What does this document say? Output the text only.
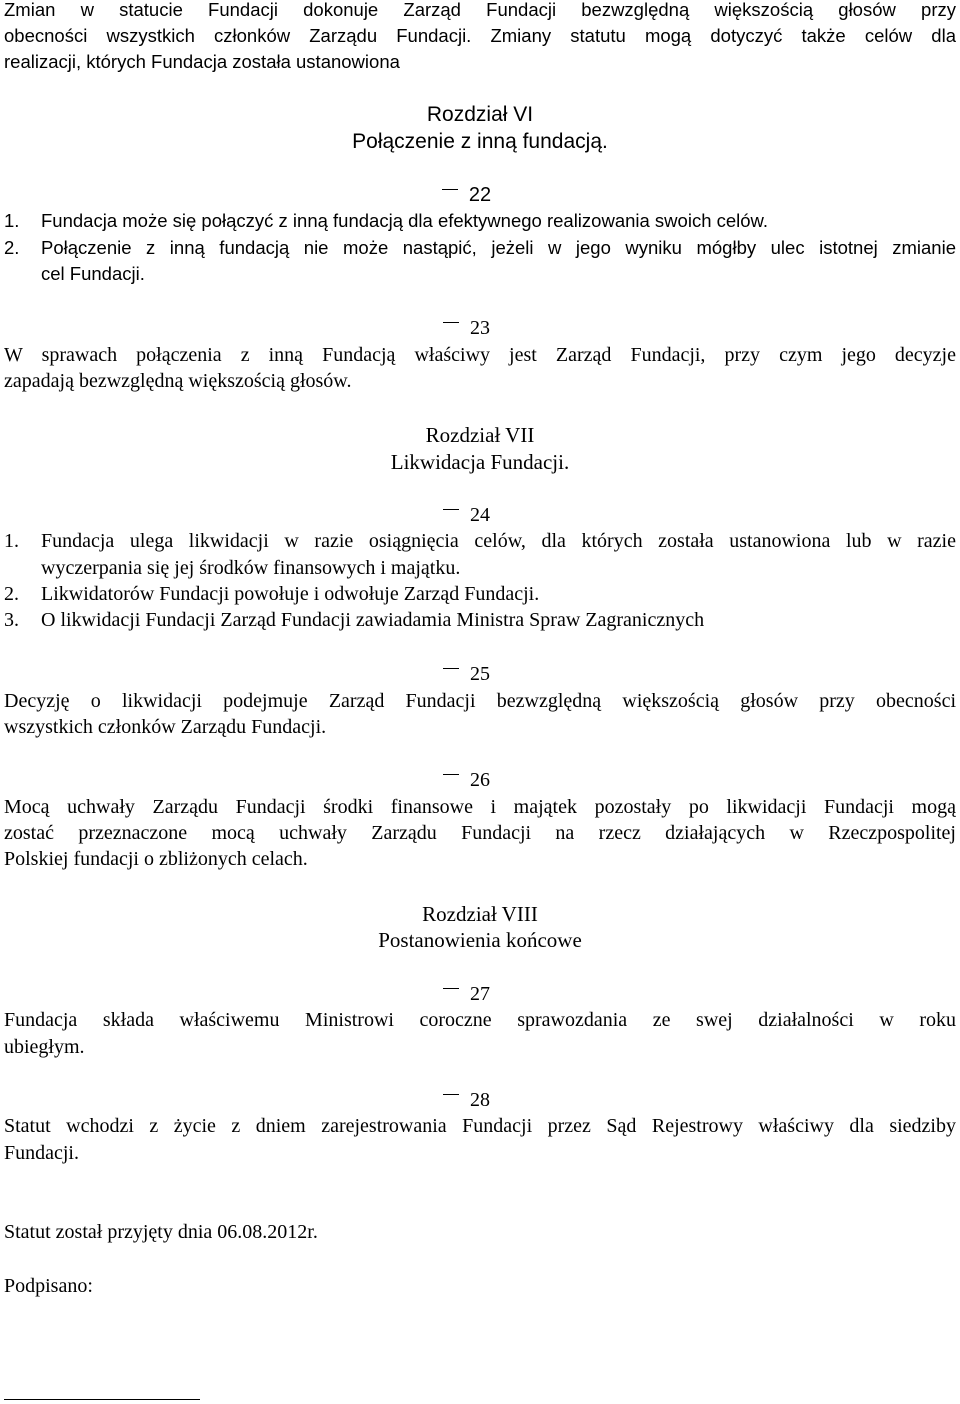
Zmian w statucie Fundacji dokonuje Zarząd Fundacji bezwzględną większością głosów przy
obecności wszystkich członków Zarządu Fundacji. Zmiany statutu mogą dotyczyć także celów dla
realizacji, których Fundacja została ustanowiona
Rozdział VI
Połączenie z inną fundacją.
22
1. Fundacja może się połączyć z inną fundacją dla efektywnego realizowania swoich celów.
2. Połączenie z inną fundacją nie może nastąpić, jeżeli w jego wyniku mógłby ulec istotnej zmianie
cel Fundacji.
23
W sprawach połączenia z inną Fundacją właściwy jest Zarząd Fundacji, przy czym jego decyzje
zapadają bezwzględną większością głosów.
Rozdział VII
Likwidacja Fundacji.
24
1. Fundacja ulega likwidacji w razie osiągnięcia celów, dla których została ustanowiona lub w razie
wyczerpania się jej środków finansowych i majątku.
2. Likwidatorów Fundacji powołuje i odwołuje Zarząd Fundacji.
3. O likwidacji Fundacji Zarząd Fundacji zawiadamia Ministra Spraw Zagranicznych
25
Decyzję o likwidacji podejmuje Zarząd Fundacji bezwzględną większością głosów przy obecności
wszystkich członków Zarządu Fundacji.
26
Mocą uchwały Zarządu Fundacji środki finansowe i majątek pozostały po likwidacji Fundacji mogą
zostać przeznaczone mocą uchwały Zarządu Fundacji na rzecz działających w Rzeczpospolitej
Polskiej fundacji o zbliżonych celach.
Rozdział VIII
Postanowienia końcowe
27
Fundacja składa właściwemu Ministrowi coroczne sprawozdania ze swej działalności w roku
ubiegłym.
28
Statut wchodzi z życie z dniem zarejestrowania Fundacji przez Sąd Rejestrowy właściwy dla siedziby
Fundacji.
Statut został przyjęty dnia 06.08.2012r.
Podpisano:
